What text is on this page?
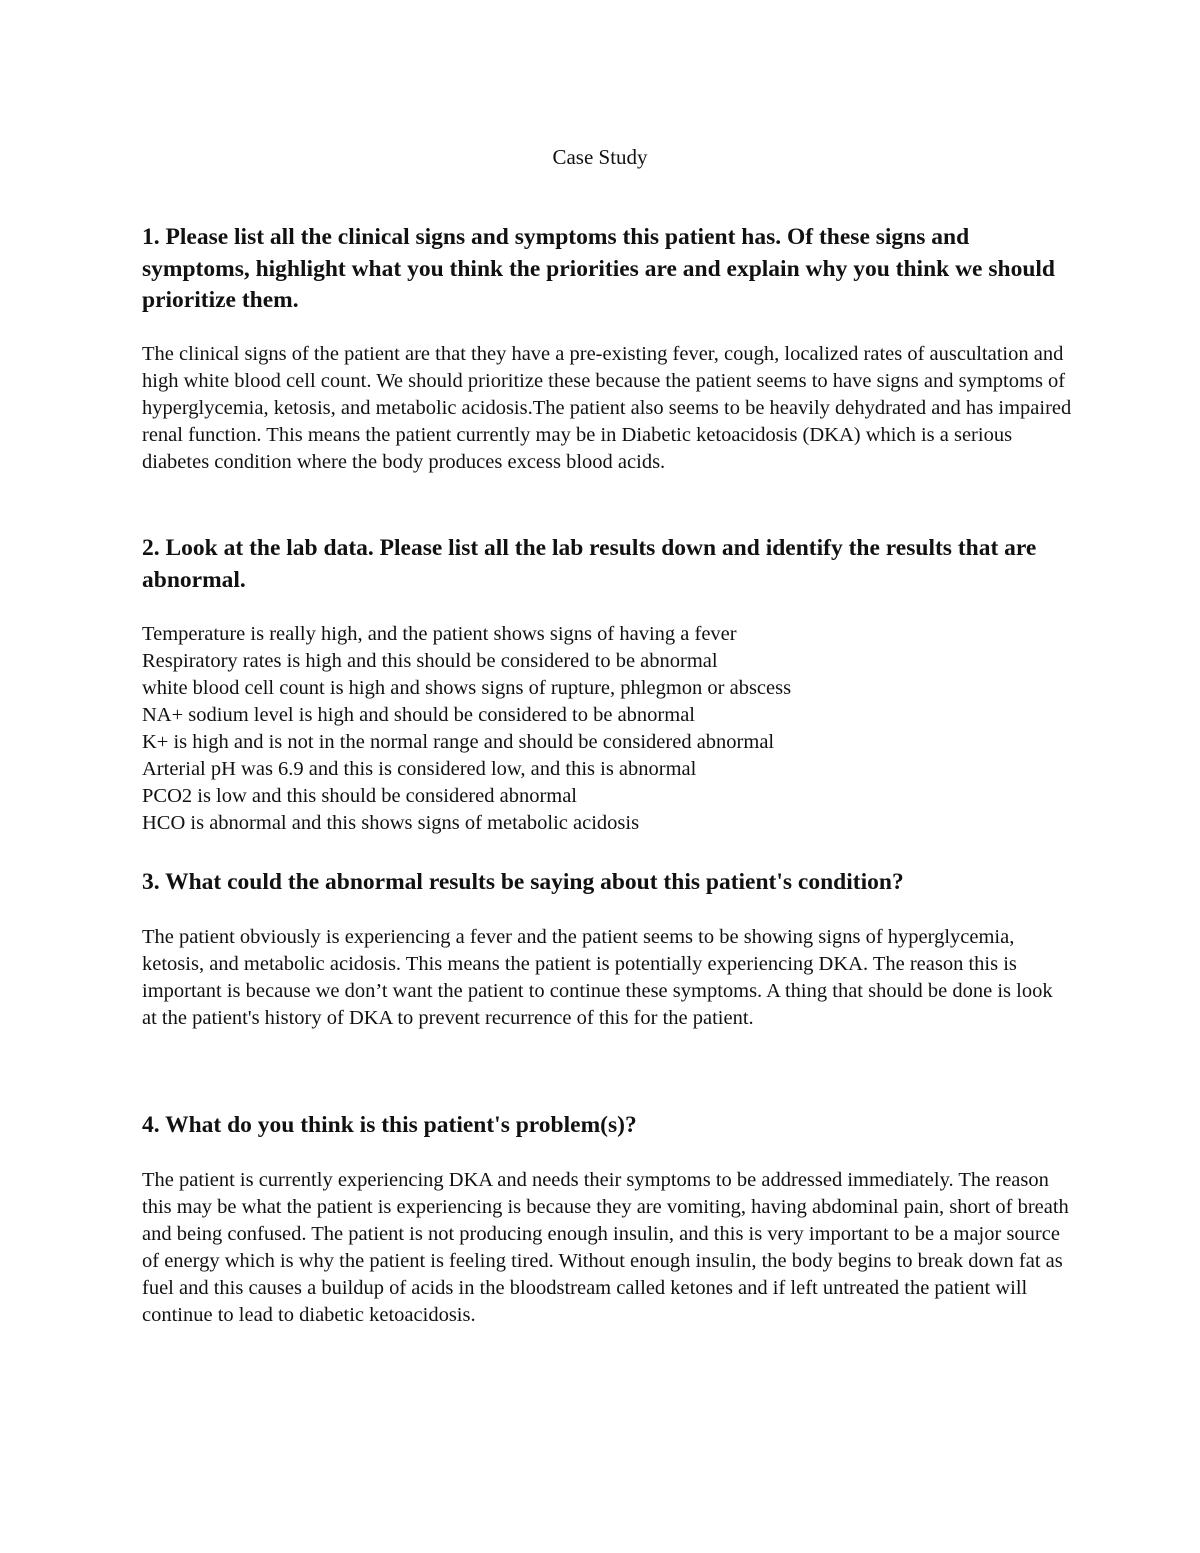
Case Study

1. Please list all the clinical signs and symptoms this patient has. Of these signs and symptoms, highlight what you think the priorities are and explain why you think we should prioritize them.

The clinical signs of the patient are that they have a pre-existing fever, cough, localized rates of auscultation and high white blood cell count. We should prioritize these because the patient seems to have signs and symptoms of hyperglycemia, ketosis, and metabolic acidosis.The patient also seems to be heavily dehydrated and has impaired renal function. This means the patient currently may be in Diabetic ketoacidosis (DKA) which is a serious diabetes condition where the body produces excess blood acids.

2. Look at the lab data. Please list all the lab results down and identify the results that are abnormal.

Temperature is really high, and the patient shows signs of having a fever
Respiratory rates is high and this should be considered to be abnormal
white blood cell count is high and shows signs of rupture, phlegmon or abscess
NA+ sodium level is high and should be considered to be abnormal
K+ is high and is not in the normal range and should be considered abnormal
Arterial pH was 6.9 and this is considered low, and this is abnormal
PCO2 is low and this should be considered abnormal
HCO is abnormal and this shows signs of metabolic acidosis

3. What could the abnormal results be saying about this patient's condition?

The patient obviously is experiencing a fever and the patient seems to be showing signs of hyperglycemia, ketosis, and metabolic acidosis. This means the patient is potentially experiencing DKA. The reason this is important is because we don’t want the patient to continue these symptoms. A thing that should be done is look at the patient's history of DKA to prevent recurrence of this for the patient.

4. What do you think is this patient's problem(s)?

The patient is currently experiencing DKA and needs their symptoms to be addressed immediately. The reason this may be what the patient is experiencing is because they are vomiting, having abdominal pain, short of breath and being confused. The patient is not producing enough insulin, and this is very important to be a major source of energy which is why the patient is feeling tired. Without enough insulin, the body begins to break down fat as fuel and this causes a buildup of acids in the bloodstream called ketones and if left untreated the patient will continue to lead to diabetic ketoacidosis.
